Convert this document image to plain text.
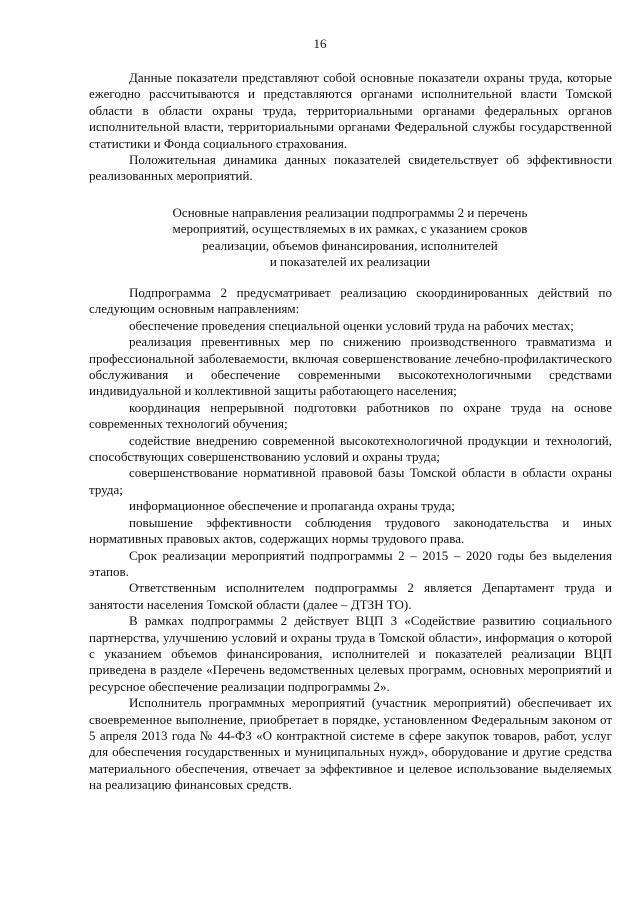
16

Данные показатели представляют собой основные показатели охраны труда, которые ежегодно рассчитываются и представляются органами исполнительной власти Томской области в области охраны труда, территориальными органами федеральных органов исполнительной власти, территориальными органами Федеральной службы государственной статистики и Фонда социального страхования.

Положительная динамика данных показателей свидетельствует об эффективности реализованных мероприятий.

Основные направления реализации подпрограммы 2 и перечень
мероприятий, осуществляемых в их рамках, с указанием сроков
реализации, объемов финансирования, исполнителей
и показателей их реализации

Подпрограмма 2 предусматривает реализацию скоординированных действий по следующим основным направлениям:

обеспечение проведения специальной оценки условий труда на рабочих местах;

реализация превентивных мер по снижению производственного травматизма и профессиональной заболеваемости, включая совершенствование лечебно-профилактического обслуживания и обеспечение современными высокотехнологичными средствами индивидуальной и коллективной защиты работающего населения;

координация непрерывной подготовки работников по охране труда на основе современных технологий обучения;

содействие внедрению современной высокотехнологичной продукции и технологий, способствующих совершенствованию условий и охраны труда;

совершенствование нормативной правовой базы Томской области в области охраны труда;

информационное обеспечение и пропаганда охраны труда;

повышение эффективности соблюдения трудового законодательства и иных нормативных правовых актов, содержащих нормы трудового права.

Срок реализации мероприятий подпрограммы 2 – 2015 – 2020 годы без выделения этапов.

Ответственным исполнителем подпрограммы 2 является Департамент труда и занятости населения Томской области (далее – ДТЗН ТО).

В рамках подпрограммы 2 действует ВЦП 3 «Содействие развитию социального партнерства, улучшению условий и охраны труда в Томской области», информация о которой с указанием объемов финансирования, исполнителей и показателей реализации ВЦП приведена в разделе «Перечень ведомственных целевых программ, основных мероприятий и ресурсное обеспечение реализации подпрограммы 2».

Исполнитель программных мероприятий (участник мероприятий) обеспечивает их своевременное выполнение, приобретает в порядке, установленном Федеральным законом от 5 апреля 2013 года № 44-ФЗ «О контрактной системе в сфере закупок товаров, работ, услуг для обеспечения государственных и муниципальных нужд», оборудование и другие средства материального обеспечения, отвечает за эффективное и целевое использование выделяемых на реализацию финансовых средств.
